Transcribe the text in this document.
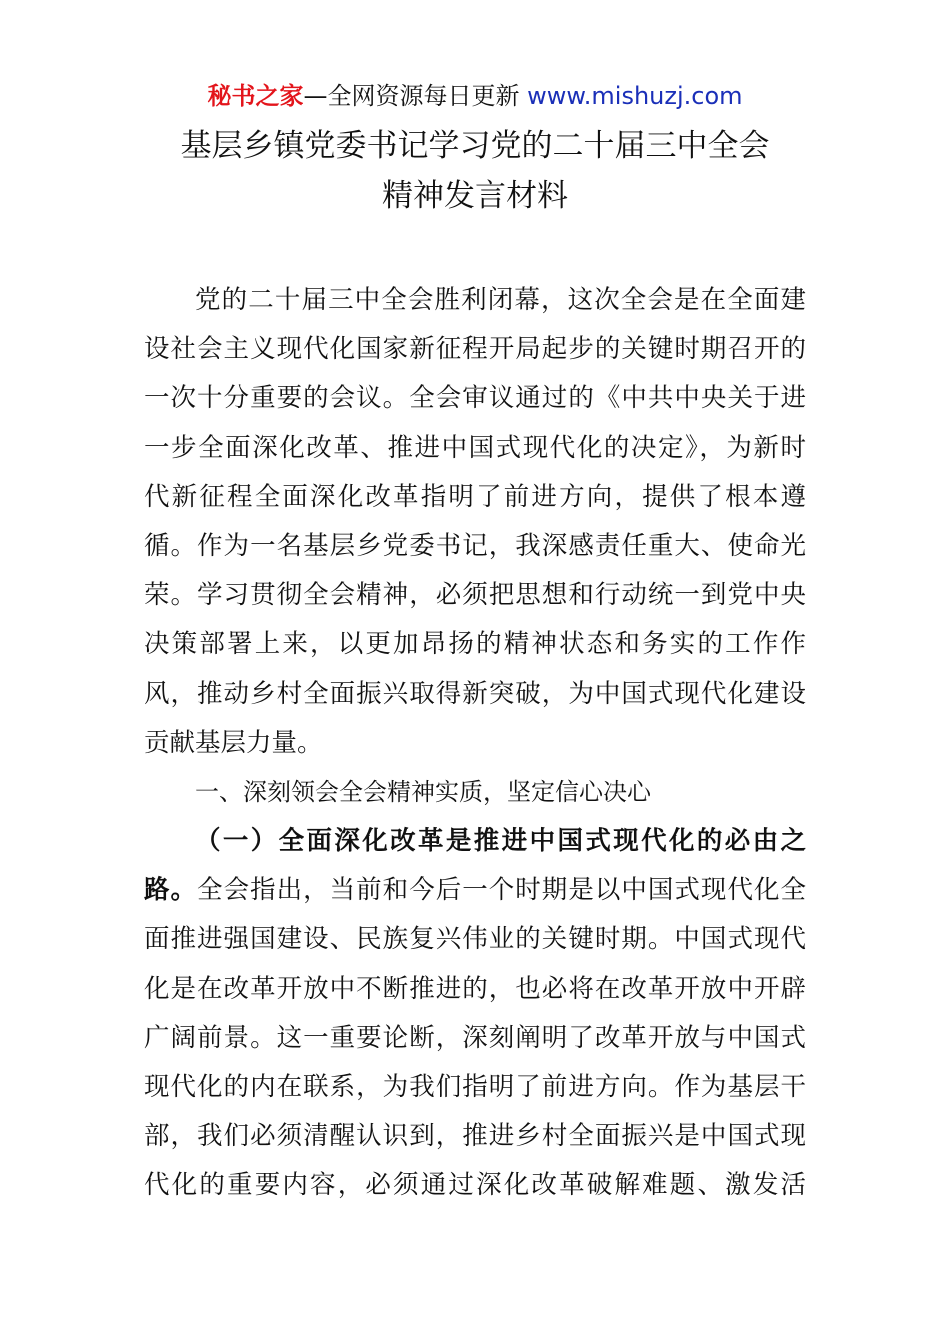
秘书之家—全网资源每日更新 www.mishuzj.com
基层乡镇党委书记学习党的二十届三中全会
精神发言材料
党的二十届三中全会胜利闭幕，这次全会是在全面建
设社会主义现代化国家新征程开局起步的关键时期召开的
一次十分重要的会议。全会审议通过的《中共中央关于进
一步全面深化改革、推进中国式现代化的决定》，为新时
代新征程全面深化改革指明了前进方向，提供了根本遵
循。作为一名基层乡党委书记，我深感责任重大、使命光
荣。学习贯彻全会精神，必须把思想和行动统一到党中央
决策部署上来，以更加昂扬的精神状态和务实的工作作
风，推动乡村全面振兴取得新突破，为中国式现代化建设
贡献基层力量。
一、深刻领会全会精神实质，坚定信心决心
（一）全面深化改革是推进中国式现代化的必由之
路。全会指出，当前和今后一个时期是以中国式现代化全
面推进强国建设、民族复兴伟业的关键时期。中国式现代
化是在改革开放中不断推进的，也必将在改革开放中开辟
广阔前景。这一重要论断，深刻阐明了改革开放与中国式
现代化的内在联系，为我们指明了前进方向。作为基层干
部，我们必须清醒认识到，推进乡村全面振兴是中国式现
代化的重要内容，必须通过深化改革破解难题、激发活
